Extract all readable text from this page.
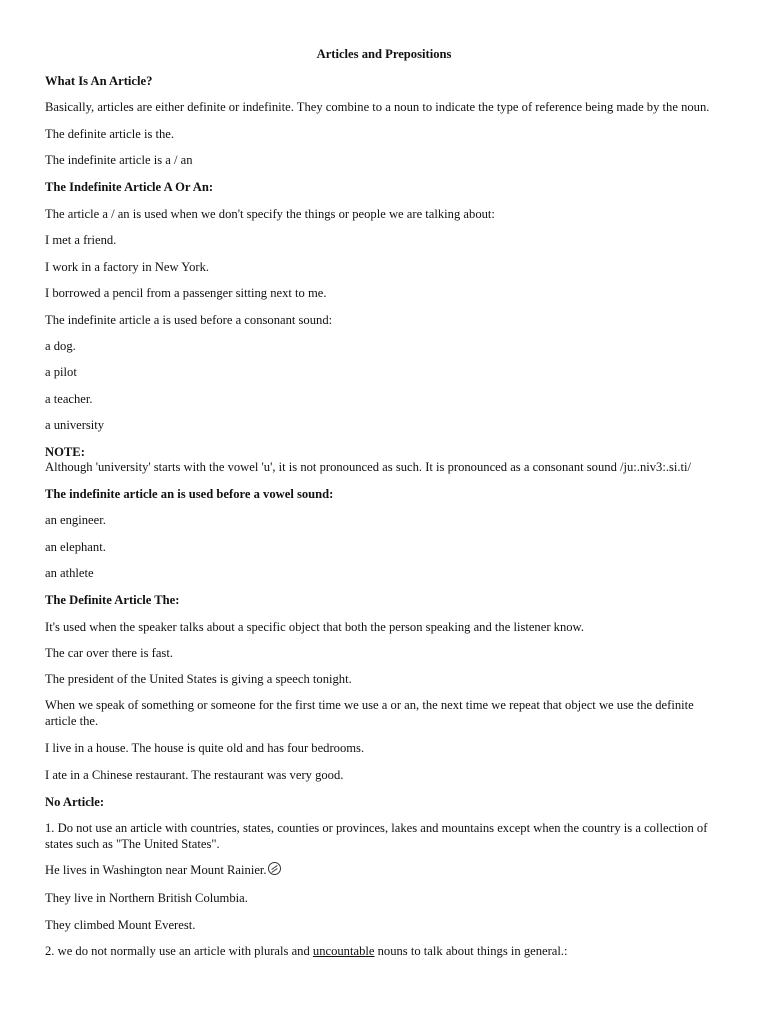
Articles and Prepositions
What Is An Article?
Basically, articles are either definite or indefinite. They combine to a noun to indicate the type of reference being made by the noun.
The definite article is the.
The indefinite article is a / an
The Indefinite Article A Or An:
The article a / an is used when we don't specify the things or people we are talking about:
I met a friend.
I work in a factory in New York.
I borrowed a pencil from a passenger sitting next to me.
The indefinite article a is used before a consonant sound:
a dog.
a pilot
a teacher.
a university
NOTE:
Although 'university' starts with the vowel 'u', it is not pronounced as such. It is pronounced as a consonant sound /ju:.niv3:.si.ti/
The indefinite article an is used before a vowel sound:
an engineer.
an elephant.
an athlete
The Definite Article The:
It's used when the speaker talks about a specific object that both the person speaking and the listener know.
The car over there is fast.
The president of the United States is giving a speech tonight.
When we speak of something or someone for the first time we use a or an, the next time we repeat that object we use the definite article the.
I live in a house. The house is quite old and has four bedrooms.
I ate in a Chinese restaurant. The restaurant was very good.
No Article:
1. Do not use an article with countries, states, counties or provinces, lakes and mountains except when the country is a collection of states such as "The United States".
He lives in Washington near Mount Rainier.
They live in Northern British Columbia.
They climbed Mount Everest.
2. we do not normally use an article with plurals and uncountable nouns to talk about things in general.:
